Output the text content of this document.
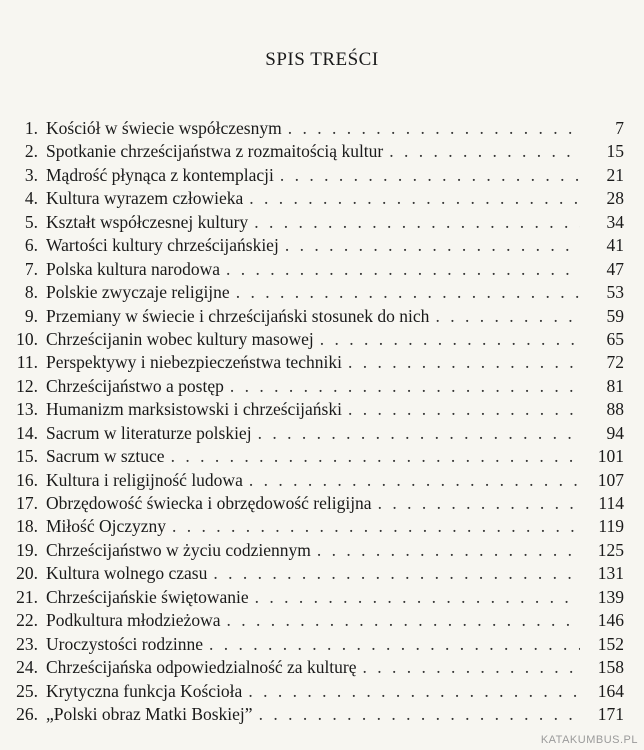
SPIS TREŚCI
1. Kościół w świecie współczesnym . . .	7
2. Spotkanie chrześcijaństwa z rozmaitością kultur . . .	15
3. Mądrość płynąca z kontemplacji . . .	21
4. Kultura wyrazem człowieka . . .	28
5. Kształt współczesnej kultury . . .	34
6. Wartości kultury chrześcijańskiej . . .	41
7. Polska kultura narodowa . . .	47
8. Polskie zwyczaje religijne . . .	53
9. Przemiany w świecie i chrześcijański stosunek do nich . . .	59
10. Chrześcijanin wobec kultury masowej . . .	65
11. Perspektywy i niebezpieczeństwa techniki . . .	72
12. Chrześcijaństwo a postęp . . .	81
13. Humanizm marksistowski i chrześcijański . . .	88
14. Sacrum w literaturze polskiej . . .	94
15. Sacrum w sztuce . . .	101
16. Kultura i religijność ludowa . . .	107
17. Obrzędowość świecka i obrzędowość religijna . . .	114
18. Miłość Ojczyzny . . .	119
19. Chrześcijaństwo w życiu codziennym . . .	125
20. Kultura wolnego czasu . . .	131
21. Chrześcijańskie świętowanie . . .	139
22. Podkultura młodzieżowa . . .	146
23. Uroczystości rodzinne . . .	152
24. Chrześcijańska odpowiedzialność za kulturę . . .	158
25. Krytyczna funkcja Kościoła . . .	164
26. „Polski obraz Matki Boskiej” . . .	171
KATAKUMBUS.PL
